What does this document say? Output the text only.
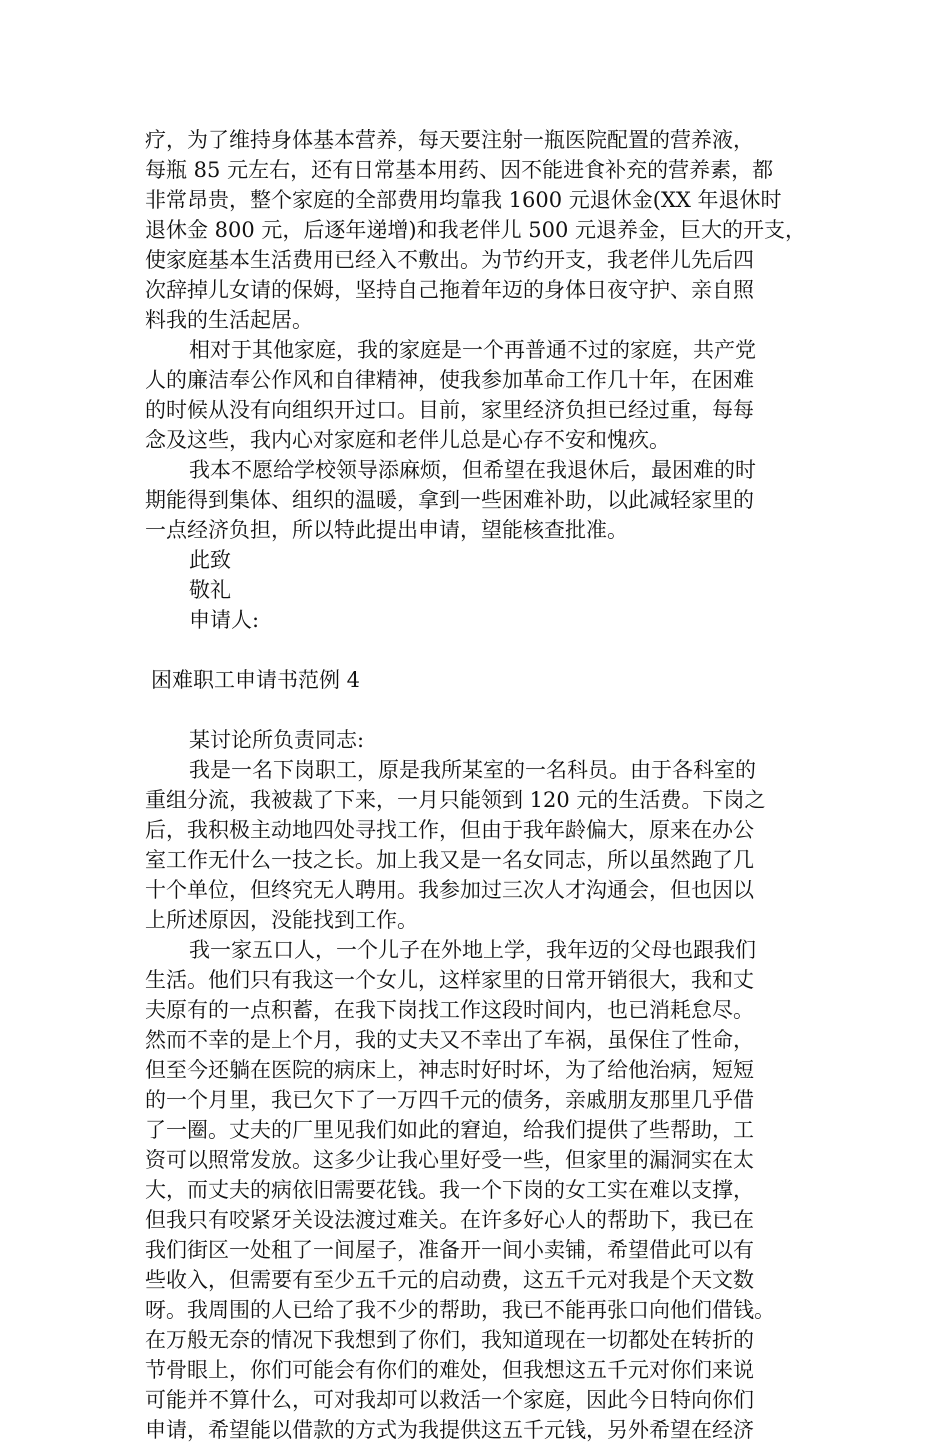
疗，为了维持身体基本营养，每天要注射一瓶医院配置的营养液，
每瓶 85 元左右，还有日常基本用药、因不能进食补充的营养素，都
非常昂贵，整个家庭的全部费用均靠我 1600 元退休金(XX 年退休时
退休金 800 元，后逐年递增)和我老伴儿 500 元退养金，巨大的开支，
使家庭基本生活费用已经入不敷出。为节约开支，我老伴儿先后四
次辞掉儿女请的保姆，坚持自己拖着年迈的身体日夜守护、亲自照
料我的生活起居。
相对于其他家庭，我的家庭是一个再普通不过的家庭，共产党
人的廉洁奉公作风和自律精神，使我参加革命工作几十年，在困难
的时候从没有向组织开过口。目前，家里经济负担已经过重，每每
念及这些，我内心对家庭和老伴儿总是心存不安和愧疚。
我本不愿给学校领导添麻烦，但希望在我退休后，最困难的时
期能得到集体、组织的温暖，拿到一些困难补助，以此减轻家里的
一点经济负担，所以特此提出申请，望能核查批准。
此致
敬礼
申请人:
困难职工申请书范例 4
某讨论所负责同志:
我是一名下岗职工，原是我所某室的一名科员。由于各科室的
重组分流，我被裁了下来，一月只能领到 120 元的生活费。下岗之
后，我积极主动地四处寻找工作，但由于我年龄偏大，原来在办公
室工作无什么一技之长。加上我又是一名女同志，所以虽然跑了几
十个单位，但终究无人聘用。我参加过三次人才沟通会，但也因以
上所述原因，没能找到工作。
我一家五口人，一个儿子在外地上学，我年迈的父母也跟我们
生活。他们只有我这一个女儿，这样家里的日常开销很大，我和丈
夫原有的一点积蓄，在我下岗找工作这段时间内，也已消耗怠尽。
然而不幸的是上个月，我的丈夫又不幸出了车祸，虽保住了性命，
但至今还躺在医院的病床上，神志时好时坏，为了给他治病，短短
的一个月里，我已欠下了一万四千元的债务，亲戚朋友那里几乎借
了一圈。丈夫的厂里见我们如此的窘迫，给我们提供了些帮助，工
资可以照常发放。这多少让我心里好受一些，但家里的漏洞实在太
大，而丈夫的病依旧需要花钱。我一个下岗的女工实在难以支撑，
但我只有咬紧牙关设法渡过难关。在许多好心人的帮助下，我已在
我们街区一处租了一间屋子，准备开一间小卖铺，希望借此可以有
些收入，但需要有至少五千元的启动费，这五千元对我是个天文数
呀。我周围的人已给了我不少的帮助，我已不能再张口向他们借钱。
在万般无奈的情况下我想到了你们，我知道现在一切都处在转折的
节骨眼上，你们可能会有你们的难处，但我想这五千元对你们来说
可能并不算什么，可对我却可以救活一个家庭，因此今日特向你们
申请，希望能以借款的方式为我提供这五千元钱，另外希望在经济
